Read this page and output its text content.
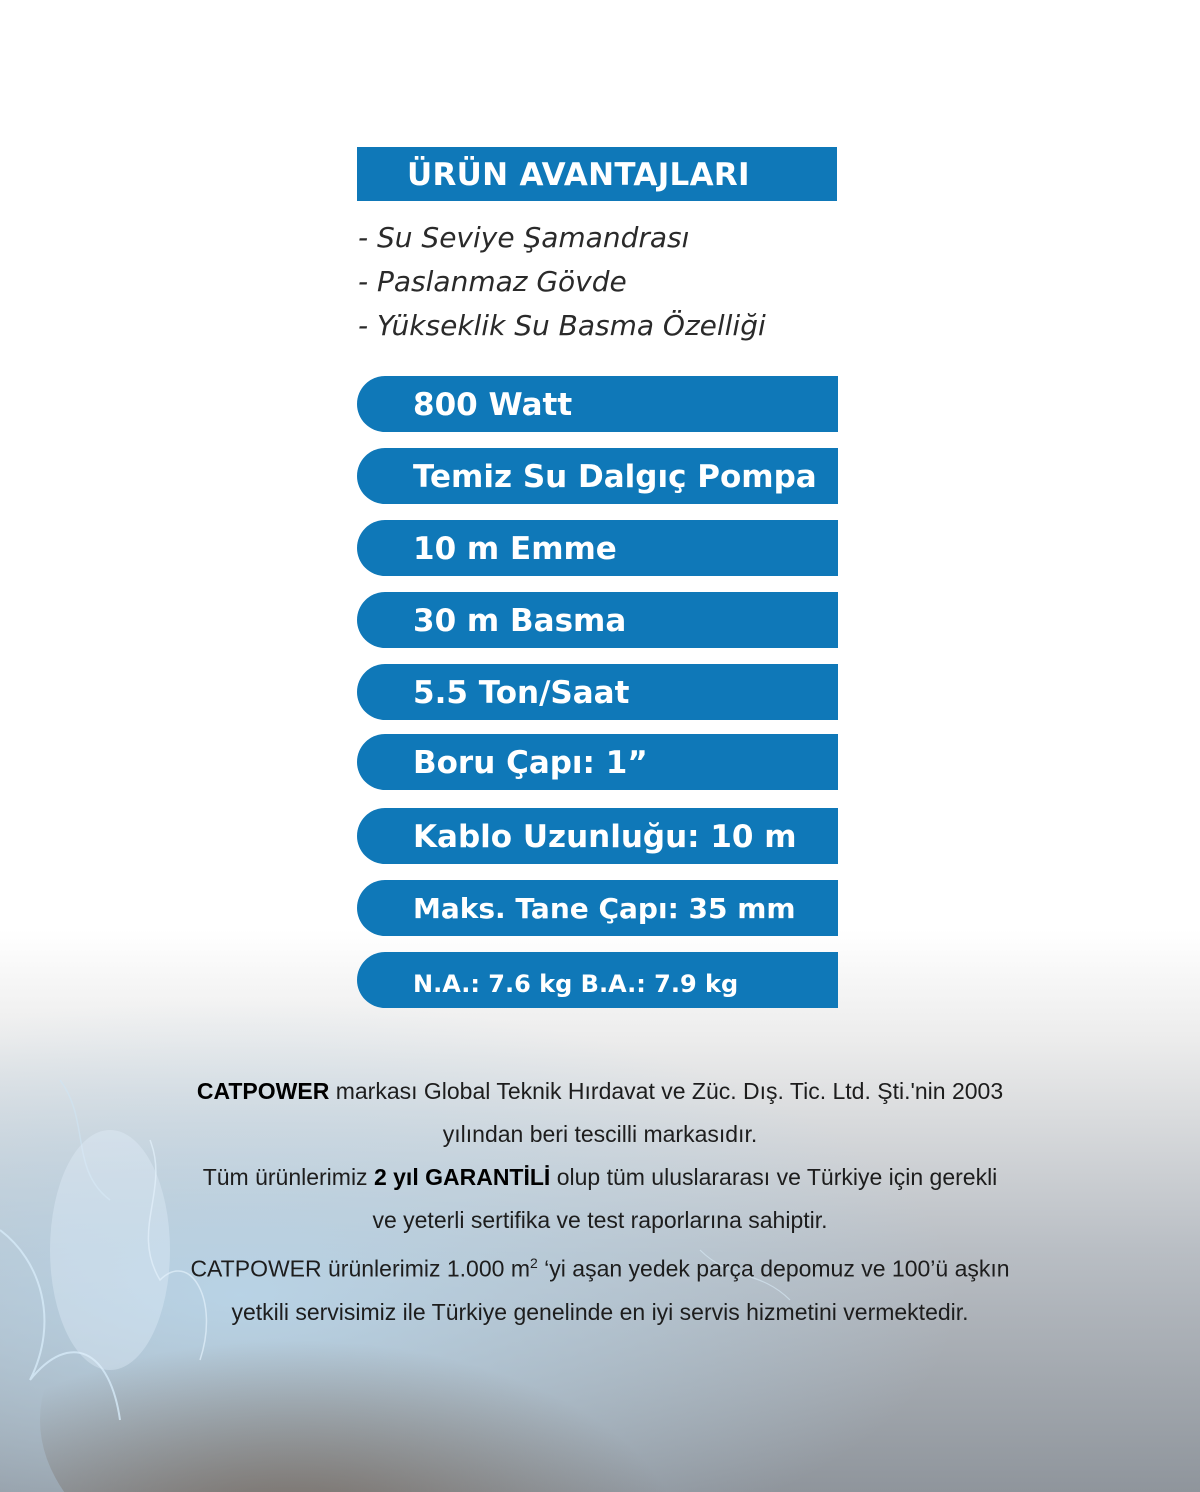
ÜRÜN AVANTAJLARI
- Su Seviye Şamandrası
- Paslanmaz Gövde
- Yükseklik Su Basma Özelliği
800 Watt
Temiz Su Dalgıç Pompa
10 m Emme
30 m Basma
5.5 Ton/Saat
Boru Çapı: 1”
Kablo Uzunluğu: 10 m
Maks. Tane Çapı: 35 mm
N.A.: 7.6 kg B.A.: 7.9 kg
CATPOWER markası Global Teknik Hırdavat ve Züc. Dış. Tic. Ltd. Şti.'nin 2003
yılından beri tescilli markasıdır.
Tüm ürünlerimiz 2 yıl GARANTİLİ olup tüm uluslararası ve Türkiye için gerekli
ve yeterli sertifika ve test raporlarına sahiptir.
CATPOWER ürünlerimiz 1.000 $m^2$ ‘yi aşan yedek parça depomuz ve 100’ü aşkın
yetkili servisimiz ile Türkiye genelinde en iyi servis hizmetini vermektedir.
